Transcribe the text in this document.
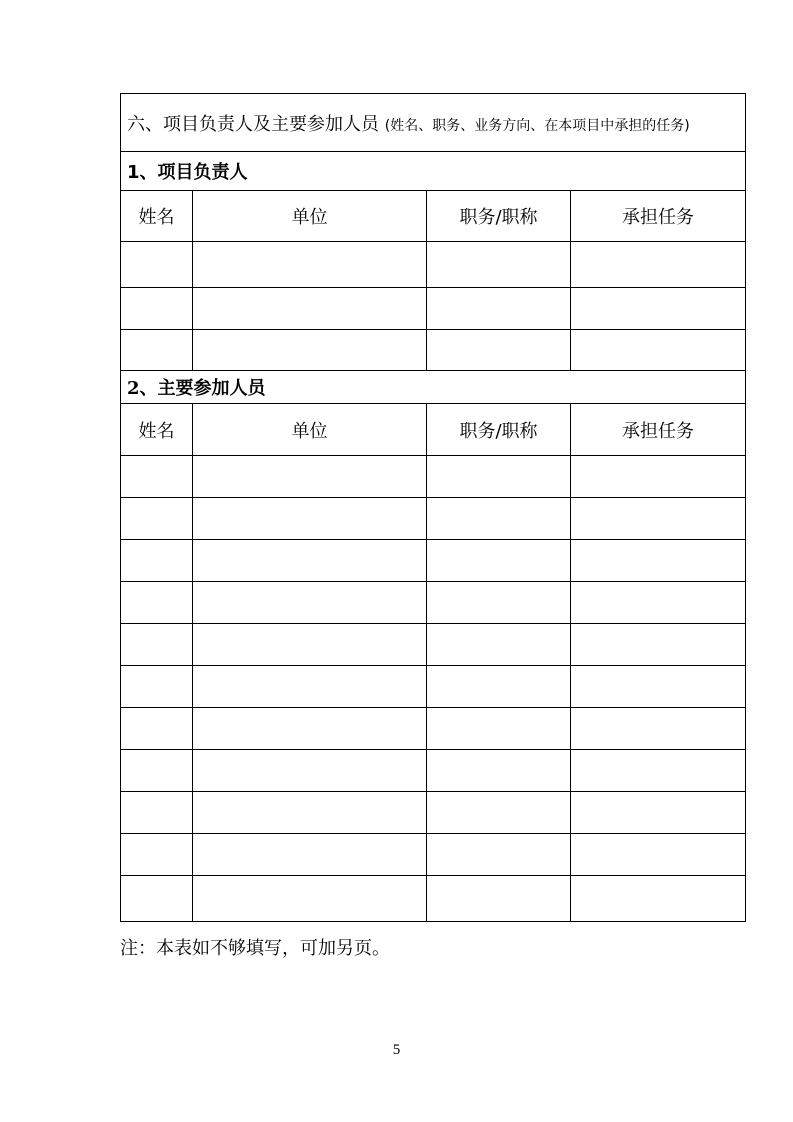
六、项目负责人及主要参加人员 (姓名、职务、业务方向、在本项目中承担的任务)			
1、项目负责人			
姓名	单位	职务/职称	承担任务

2、主要参加人员			
姓名	单位	职务/职称	承担任务

注：本表如不够填写，可加另页。
5
